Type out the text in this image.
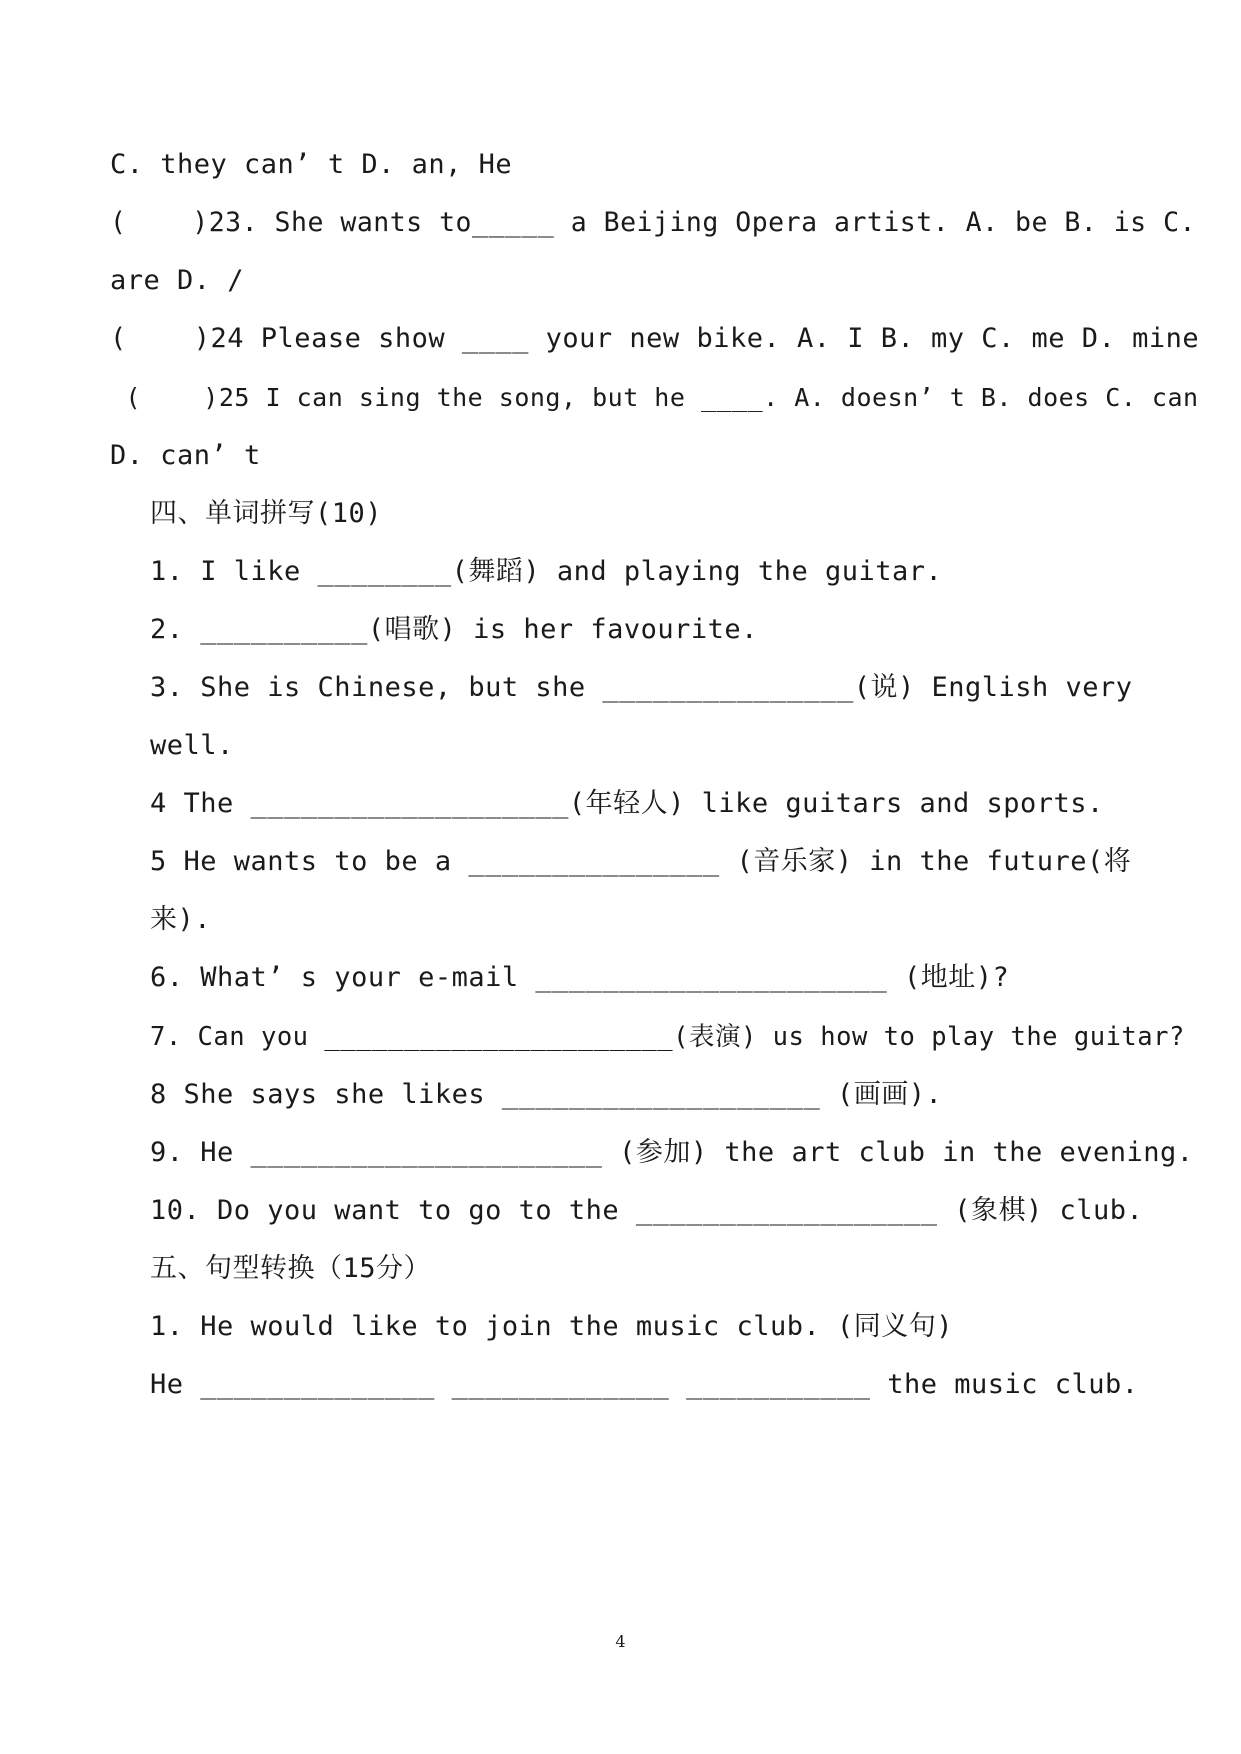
C. they can’ t D. an, He
(    )23. She wants to_____ a Beijing Opera artist. A. be B. is C.
are D. /
(    )24 Please show ____ your new bike. A. I B. my C. me D. mine
(    )25 I can sing the song, but he ____. A. doesn’ t B. does C. can
D. can’ t
四、单词拼写(10)
1. I like ________(舞蹈) and playing the guitar.
2. __________(唱歌) is her favourite.
3. She is Chinese, but she _______________(说) English very
well.
4 The ___________________(年轻人) like guitars and sports.
5 He wants to be a _______________ (音乐家) in the future(将
来).
6. What’ s your e-mail _____________________ (地址)?
7. Can you ______________________(表演) us how to play the guitar?
8 She says she likes ___________________ (画画).
9. He _____________________ (参加) the art club in the evening.
10. Do you want to go to the __________________ (象棋) club.
五、句型转换（15分）
1. He would like to join the music club. (同义句)
He ______________ _____________ ___________ the music club.
4
